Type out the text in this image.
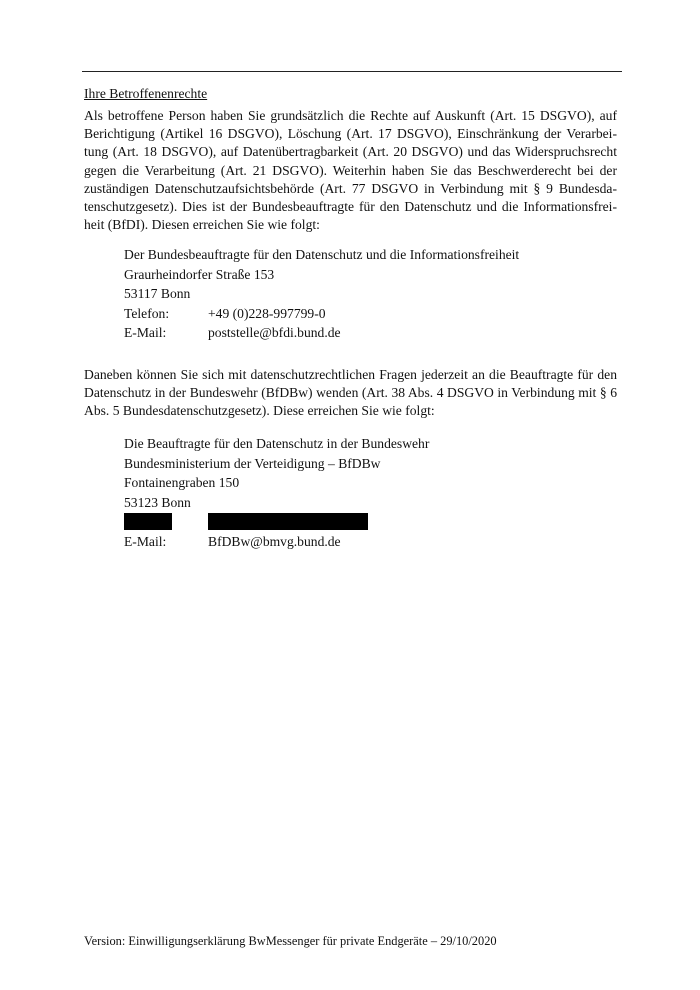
Ihre Betroffenenrechte

Als betroffene Person haben Sie grundsätzlich die Rechte auf Auskunft (Art. 15 DSGVO), auf Berichtigung (Artikel 16 DSGVO), Löschung (Art. 17 DSGVO), Einschränkung der Verarbeitung (Art. 18 DSGVO), auf Datenübertragbarkeit (Art. 20 DSGVO) und das Widerspruchsrecht gegen die Verarbeitung (Art. 21 DSGVO). Weiterhin haben Sie das Beschwerderecht bei der zuständigen Datenschutzaufsichtsbehörde (Art. 77 DSGVO in Verbindung mit § 9 Bundesdatenschutzgesetz). Dies ist der Bundesbeauftragte für den Datenschutz und die Informationsfreiheit (BfDI). Diesen erreichen Sie wie folgt:

Der Bundesbeauftragte für den Datenschutz und die Informationsfreiheit
Graurheindorfer Straße 153
53117 Bonn
Telefon:	+49 (0)228-997799-0
E-Mail:	poststelle@bfdi.bund.de

Daneben können Sie sich mit datenschutzrechtlichen Fragen jederzeit an die Beauftragte für den Datenschutz in der Bundeswehr (BfDBw) wenden (Art. 38 Abs. 4 DSGVO in Verbindung mit § 6 Abs. 5 Bundesdatenschutzgesetz). Diese erreichen Sie wie folgt:

Die Beauftragte für den Datenschutz in der Bundeswehr
Bundesministerium der Verteidigung – BfDBw
Fontainengraben 150
53123 Bonn
E-Mail:	BfDBw@bmvg.bund.de
Version: Einwilligungserklärung BwMessenger für private Endgeräte – 29/10/2020
